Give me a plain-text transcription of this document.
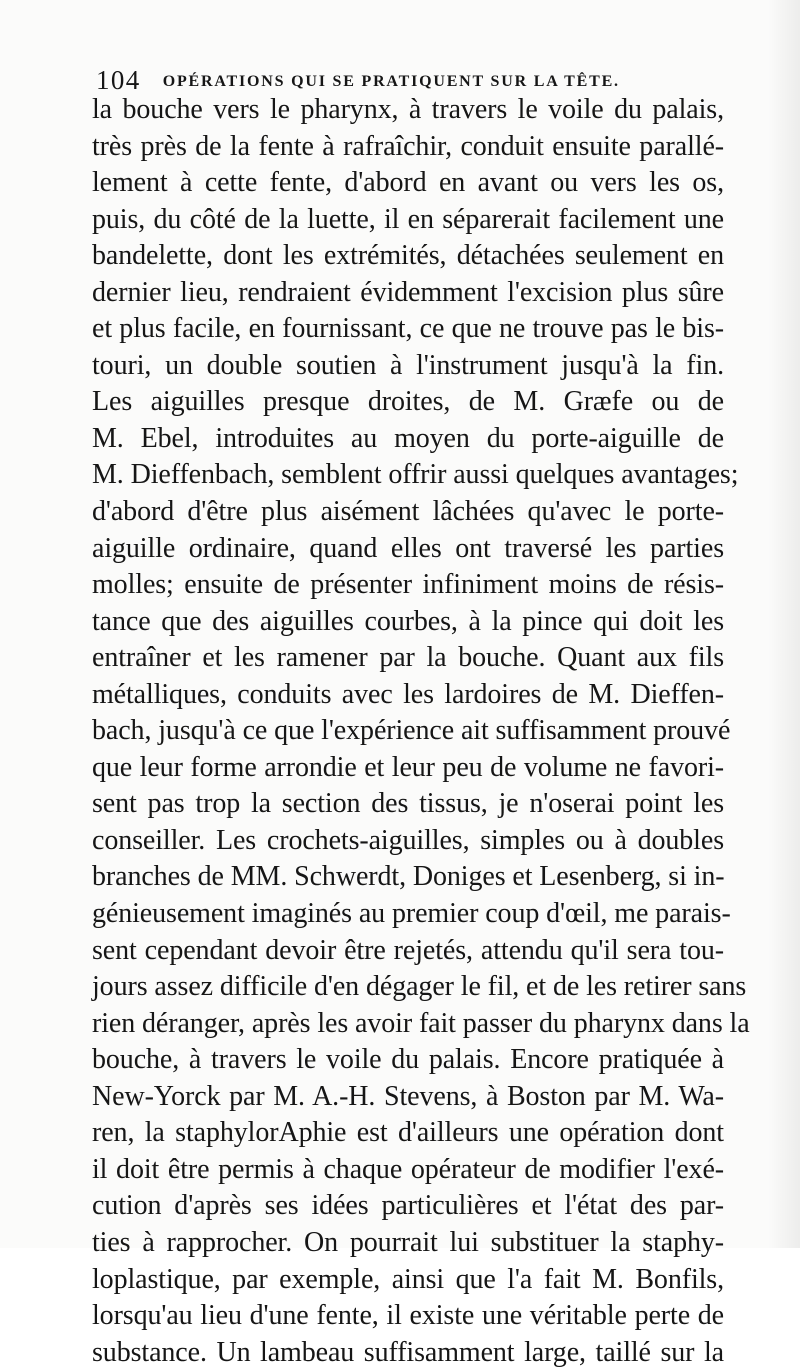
104 OPÉRATIONS QUI SE PRATIQUENT SUR LA TÊTE.
la bouche vers le pharynx, à travers le voile du palais,
très près de la fente à rafraîchir, conduit ensuite parallé-
lement à cette fente, d'abord en avant ou vers les os,
puis, du côté de la luette, il en séparerait facilement une
bandelette, dont les extrémités, détachées seulement en
dernier lieu, rendraient évidemment l'excision plus sûre
et plus facile, en fournissant, ce que ne trouve pas le bis-
touri, un double soutien à l'instrument jusqu'à la fin.
Les aiguilles presque droites, de M. Græfe ou de
M. Ebel, introduites au moyen du porte-aiguille de
M. Dieffenbach, semblent offrir aussi quelques avantages;
d'abord d'être plus aisément lâchées qu'avec le porte-
aiguille ordinaire, quand elles ont traversé les parties
molles; ensuite de présenter infiniment moins de résis-
tance que des aiguilles courbes, à la pince qui doit les
entraîner et les ramener par la bouche. Quant aux fils
métalliques, conduits avec les lardoires de M. Dieffen-
bach, jusqu'à ce que l'expérience ait suffisamment prouvé
que leur forme arrondie et leur peu de volume ne favori-
sent pas trop la section des tissus, je n'oserai point les
conseiller. Les crochets-aiguilles, simples ou à doubles
branches de MM. Schwerdt, Doniges et Lesenberg, si in-
génieusement imaginés au premier coup d'œil, me parais-
sent cependant devoir être rejetés, attendu qu'il sera tou-
jours assez difficile d'en dégager le fil, et de les retirer sans
rien déranger, après les avoir fait passer du pharynx dans la
bouche, à travers le voile du palais. Encore pratiquée à
New-Yorck par M. A.-H. Stevens, à Boston par M. Wa-
ren, la staphylorAphie est d'ailleurs une opération dont
il doit être permis à chaque opérateur de modifier l'exé-
cution d'après ses idées particulières et l'état des par-
ties à rapprocher. On pourrait lui substituer la staphy-
loplastique, par exemple, ainsi que l'a fait M. Bonfils,
lorsqu'au lieu d'une fente, il existe une véritable perte de
substance. Un lambeau suffisamment large, taillé sur la
